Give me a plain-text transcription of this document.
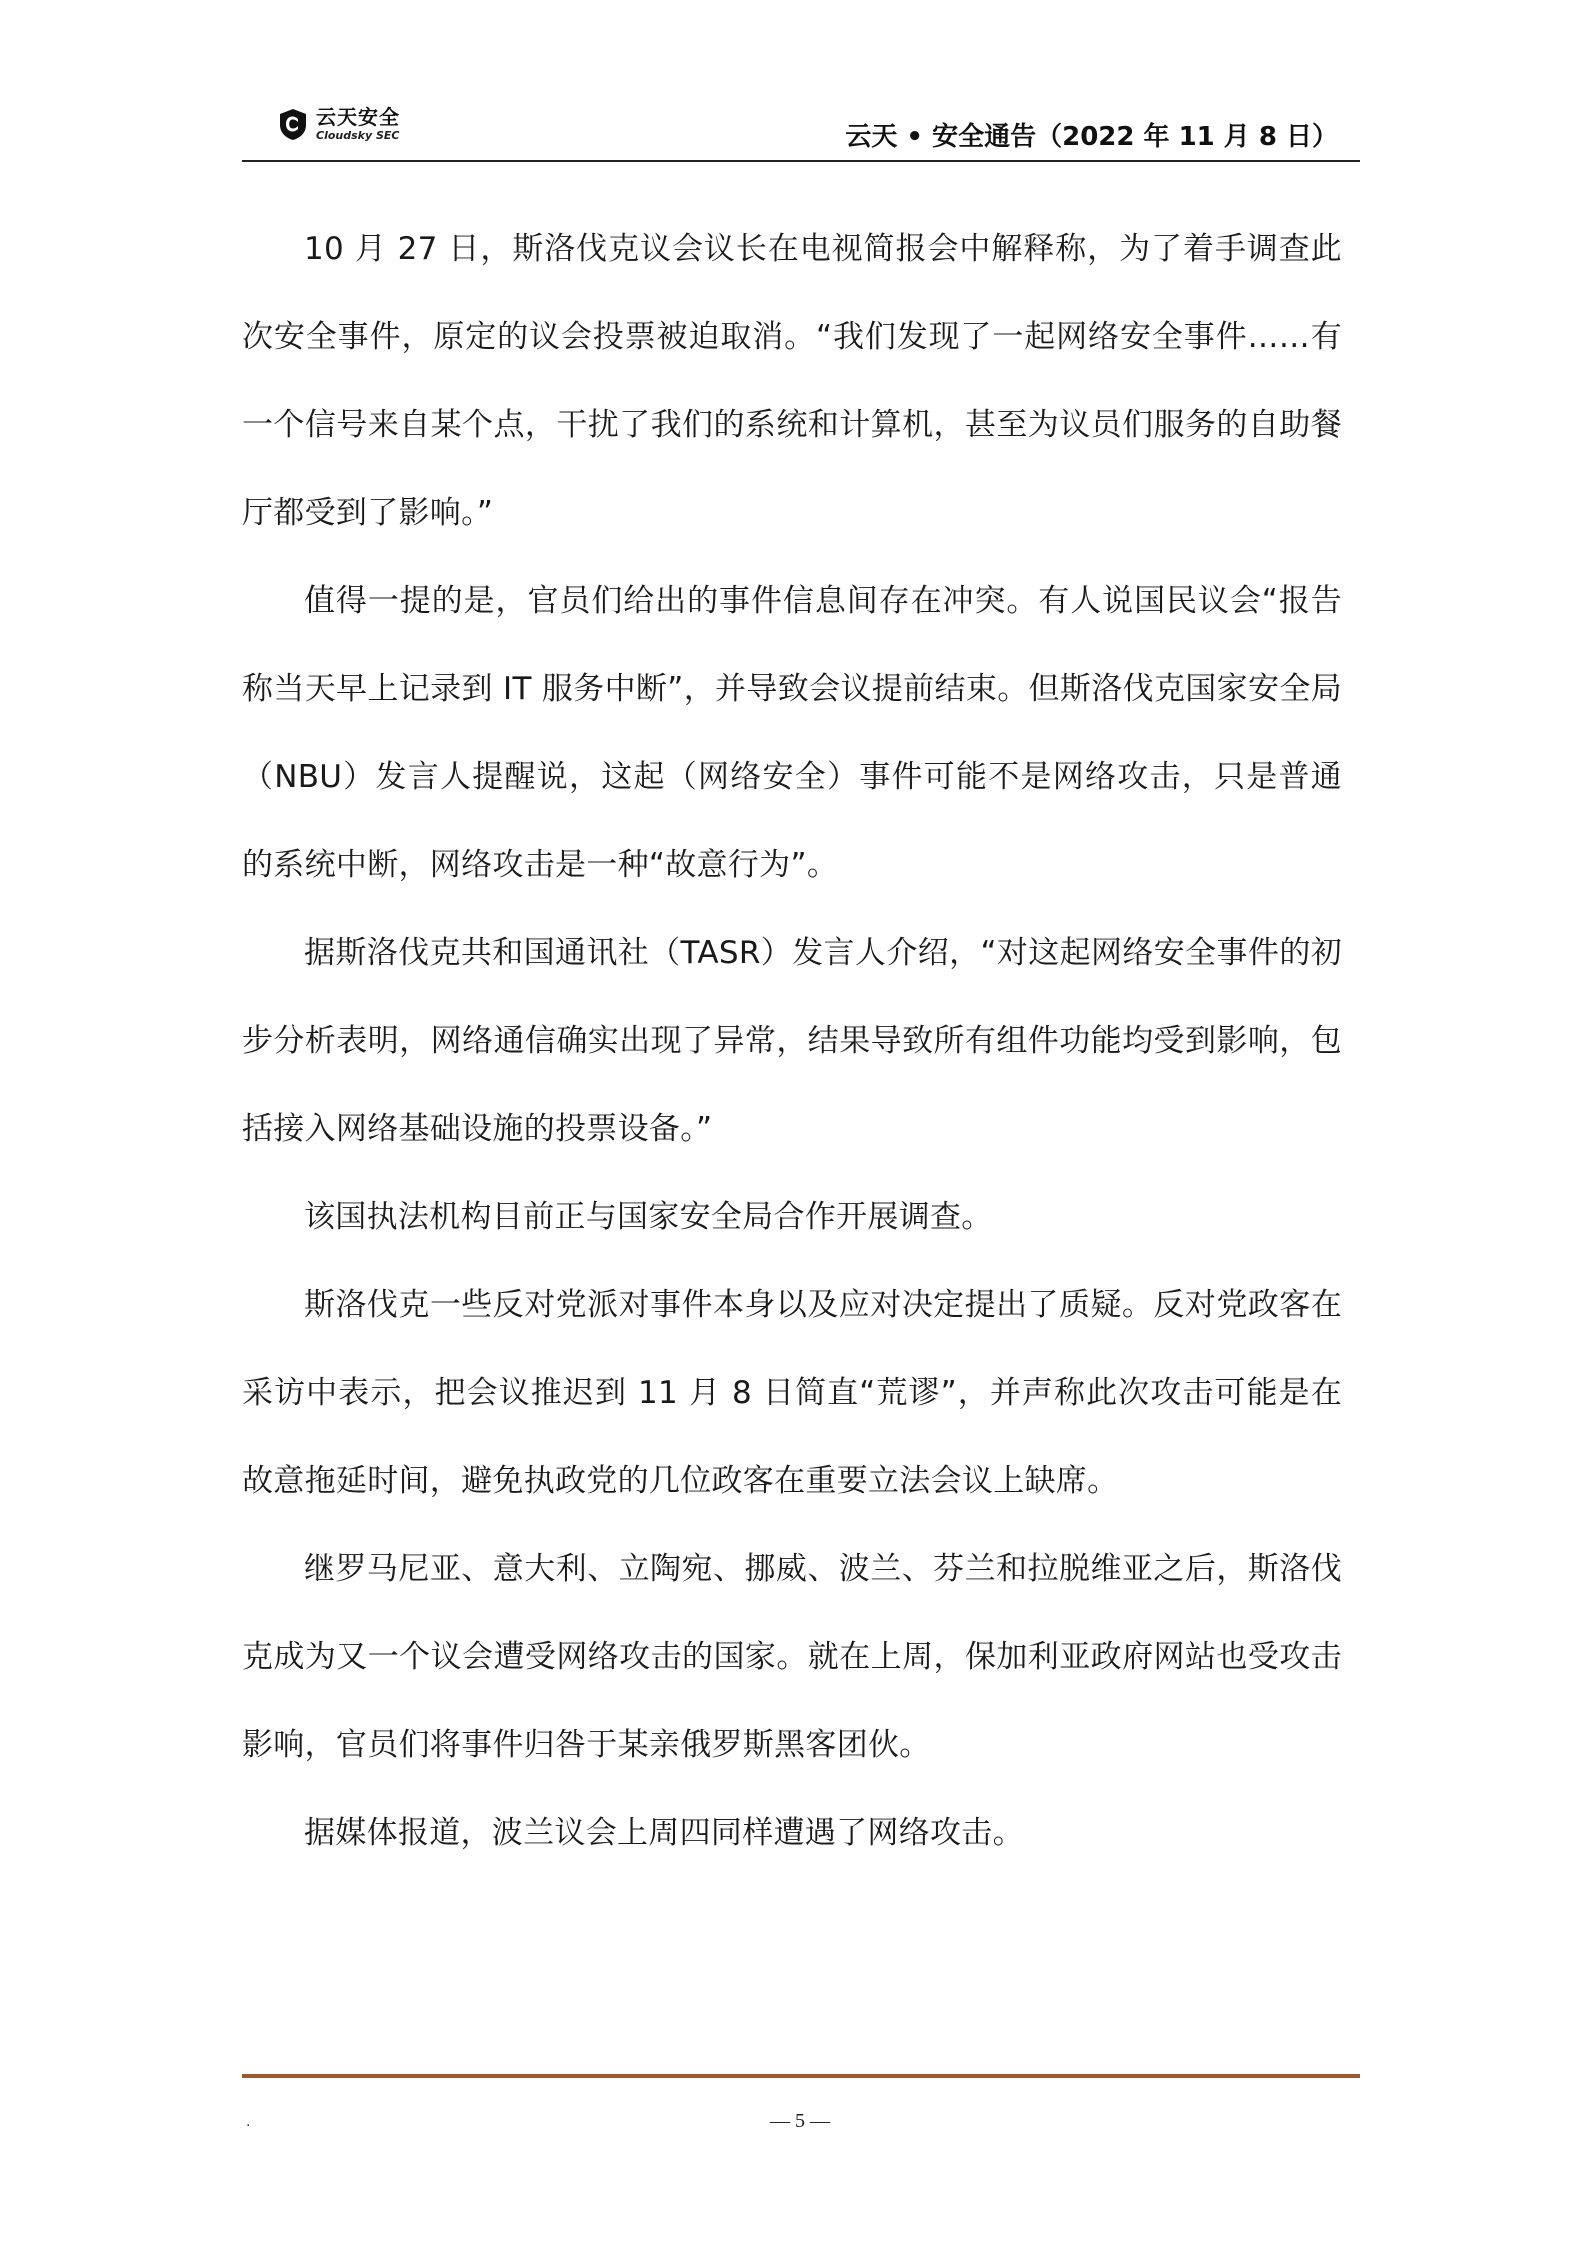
云天安全
Cloudsky SEC	云天 • 安全通告（2022 年 11 月 8 日）

10 月 27 日，斯洛伐克议会议长在电视简报会中解释称，为了着手调查此次安全事件，原定的议会投票被迫取消。“我们发现了一起网络安全事件……有一个信号来自某个点，干扰了我们的系统和计算机，甚至为议员们服务的自助餐厅都受到了影响。”

值得一提的是，官员们给出的事件信息间存在冲突。有人说国民议会“报告称当天早上记录到 IT 服务中断”，并导致会议提前结束。但斯洛伐克国家安全局（NBU）发言人提醒说，这起（网络安全）事件可能不是网络攻击，只是普通的系统中断，网络攻击是一种“故意行为”。

据斯洛伐克共和国通讯社（TASR）发言人介绍，“对这起网络安全事件的初步分析表明，网络通信确实出现了异常，结果导致所有组件功能均受到影响，包括接入网络基础设施的投票设备。”

该国执法机构目前正与国家安全局合作开展调查。

斯洛伐克一些反对党派对事件本身以及应对决定提出了质疑。反对党政客在采访中表示，把会议推迟到 11 月 8 日简直“荒谬”，并声称此次攻击可能是在故意拖延时间，避免执政党的几位政客在重要立法会议上缺席。

继罗马尼亚、意大利、立陶宛、挪威、波兰、芬兰和拉脱维亚之后，斯洛伐克成为又一个议会遭受网络攻击的国家。就在上周，保加利亚政府网站也受攻击影响，官员们将事件归咎于某亲俄罗斯黑客团伙。

据媒体报道，波兰议会上周四同样遭遇了网络攻击。

.	— 5 —
